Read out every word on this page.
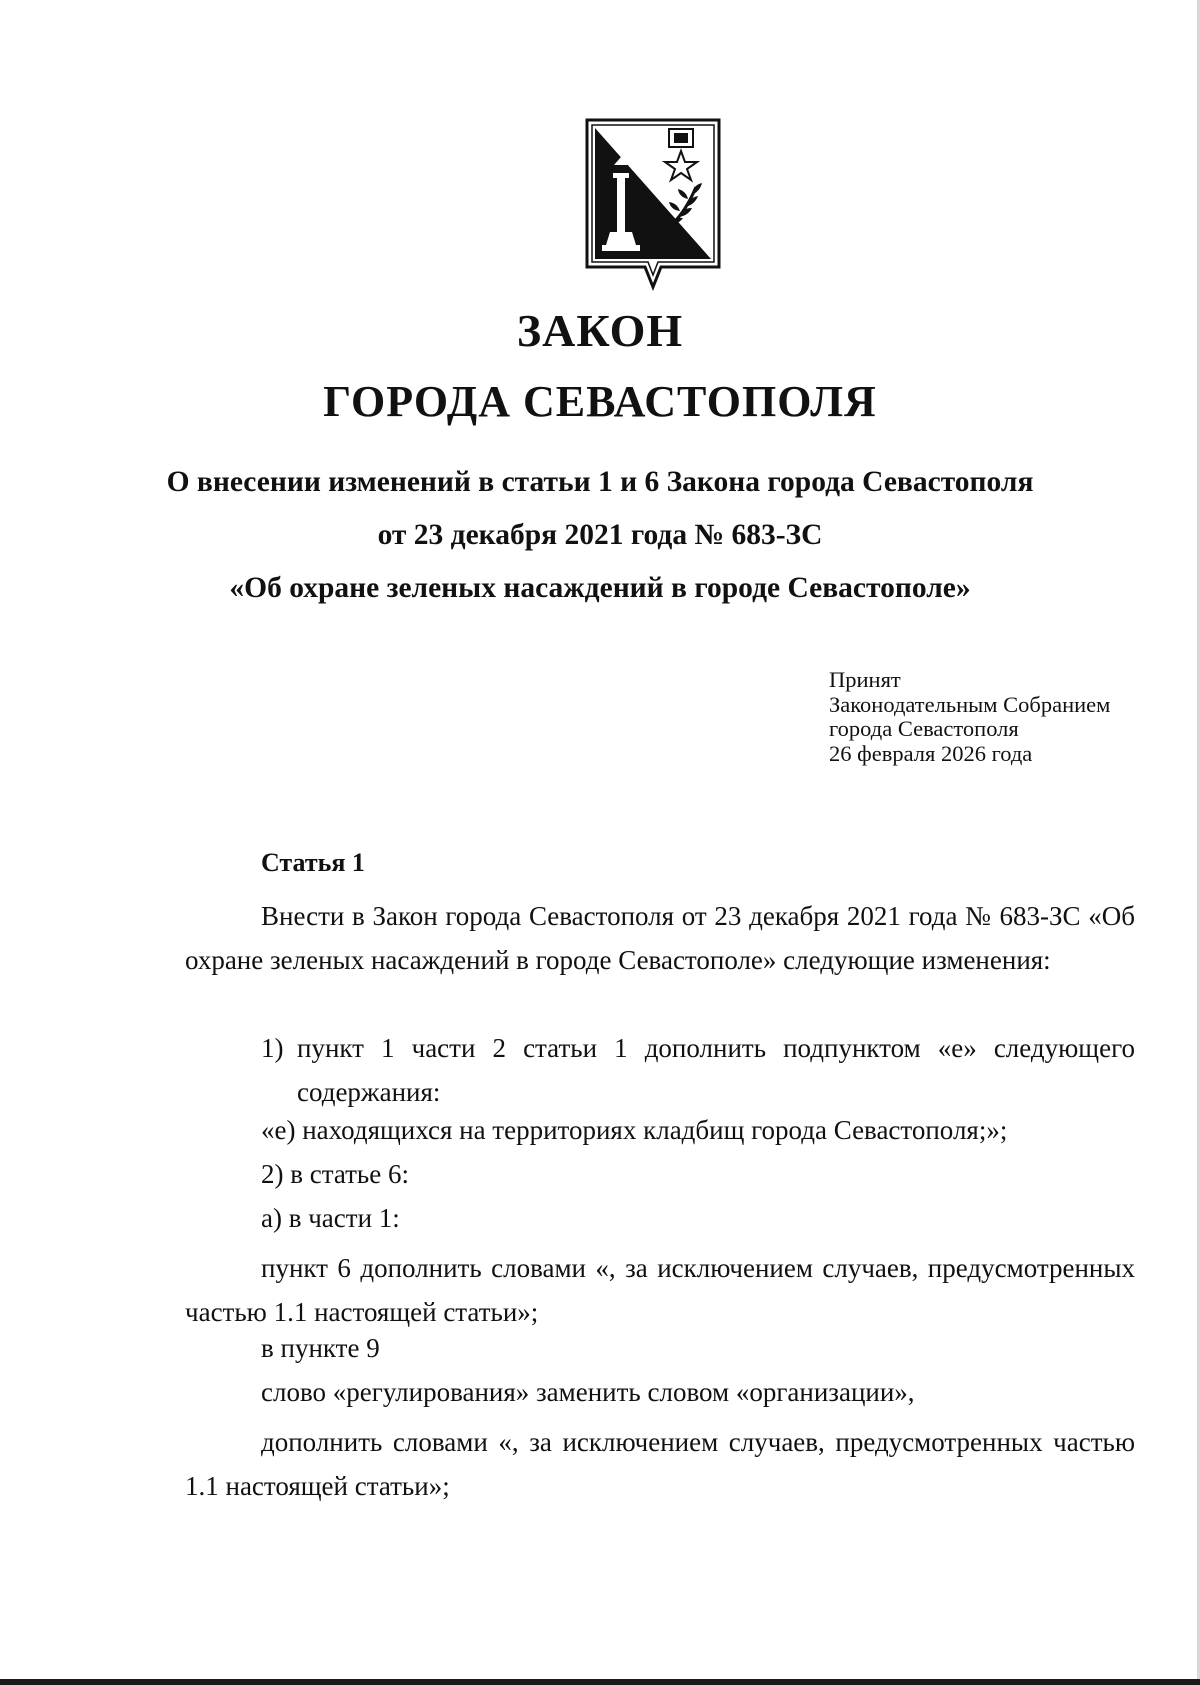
ЗАКОН
ГОРОДА СЕВАСТОПОЛЯ

О внесении изменений в статьи 1 и 6 Закона города Севастополя

от 23 декабря 2021 года № 683-ЗС

«Об охране зеленых насаждений в городе Севастополе»

Принят
Законодательным Собранием
города Севастополя
26 февраля 2026 года
Статья 1

Внести в Закон города Севастополя от 23 декабря 2021 года № 683-ЗС «Об охране зеленых насаждений в городе Севастополе» следующие изменения:

1) пункт 1 части 2 статьи 1 дополнить подпунктом «е» следующего содержания:

«е) находящихся на территориях кладбищ города Севастополя;»;

2) в статье 6:

а) в части 1:

пункт 6 дополнить словами «, за исключением случаев, предусмотренных частью 1.1 настоящей статьи»;

в пункте 9

слово «регулирования» заменить словом «организации»,

дополнить словами «, за исключением случаев, предусмотренных частью 1.1 настоящей статьи»;
